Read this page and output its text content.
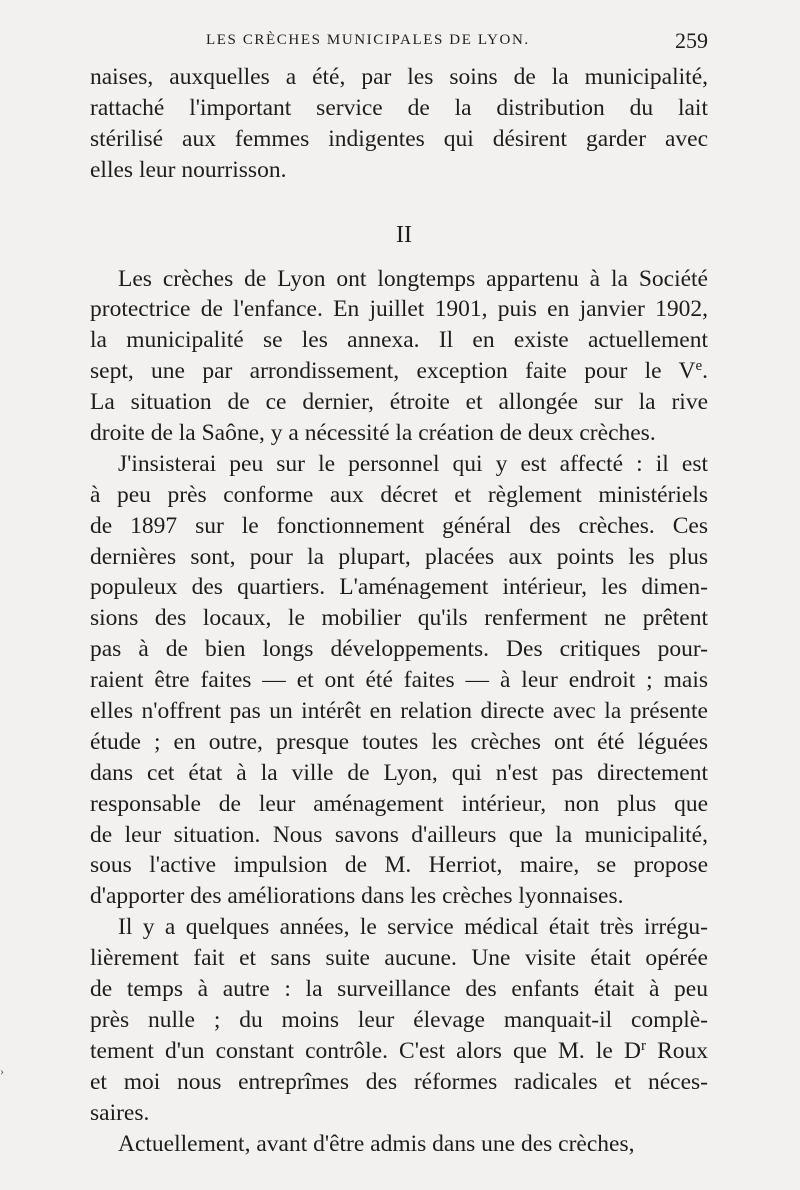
LES CRÈCHES MUNICIPALES DE LYON.	259
naises, auxquelles a été, par les soins de la municipalité,
rattaché l'important service de la distribution du lait
stérilisé aux femmes indigentes qui désirent garder avec
elles leur nourrisson.
II
Les crèches de Lyon ont longtemps appartenu à la Société
protectrice de l'enfance. En juillet 1901, puis en janvier 1902,
la municipalité se les annexa. Il en existe actuellement
sept, une par arrondissement, exception faite pour le Ve.
La situation de ce dernier, étroite et allongée sur la rive
droite de la Saône, y a nécessité la création de deux crèches.
J'insisterai peu sur le personnel qui y est affecté : il est
à peu près conforme aux décret et règlement ministériels
de 1897 sur le fonctionnement général des crèches. Ces
dernières sont, pour la plupart, placées aux points les plus
populeux des quartiers. L'aménagement intérieur, les dimen-
sions des locaux, le mobilier qu'ils renferment ne prêtent
pas à de bien longs développements. Des critiques pour-
raient être faites — et ont été faites — à leur endroit ; mais
elles n'offrent pas un intérêt en relation directe avec la présente
étude ; en outre, presque toutes les crèches ont été léguées
dans cet état à la ville de Lyon, qui n'est pas directement
responsable de leur aménagement intérieur, non plus que
de leur situation. Nous savons d'ailleurs que la municipalité,
sous l'active impulsion de M. Herriot, maire, se propose
d'apporter des améliorations dans les crèches lyonnaises.
Il y a quelques années, le service médical était très irrégu-
lièrement fait et sans suite aucune. Une visite était opérée
de temps à autre : la surveillance des enfants était à peu
près nulle ; du moins leur élevage manquait-il complè-
tement d'un constant contrôle. C'est alors que M. le $D^r$ Roux
et moi nous entreprîmes des réformes radicales et néces-
saires.
Actuellement, avant d'être admis dans une des crèches,
›
